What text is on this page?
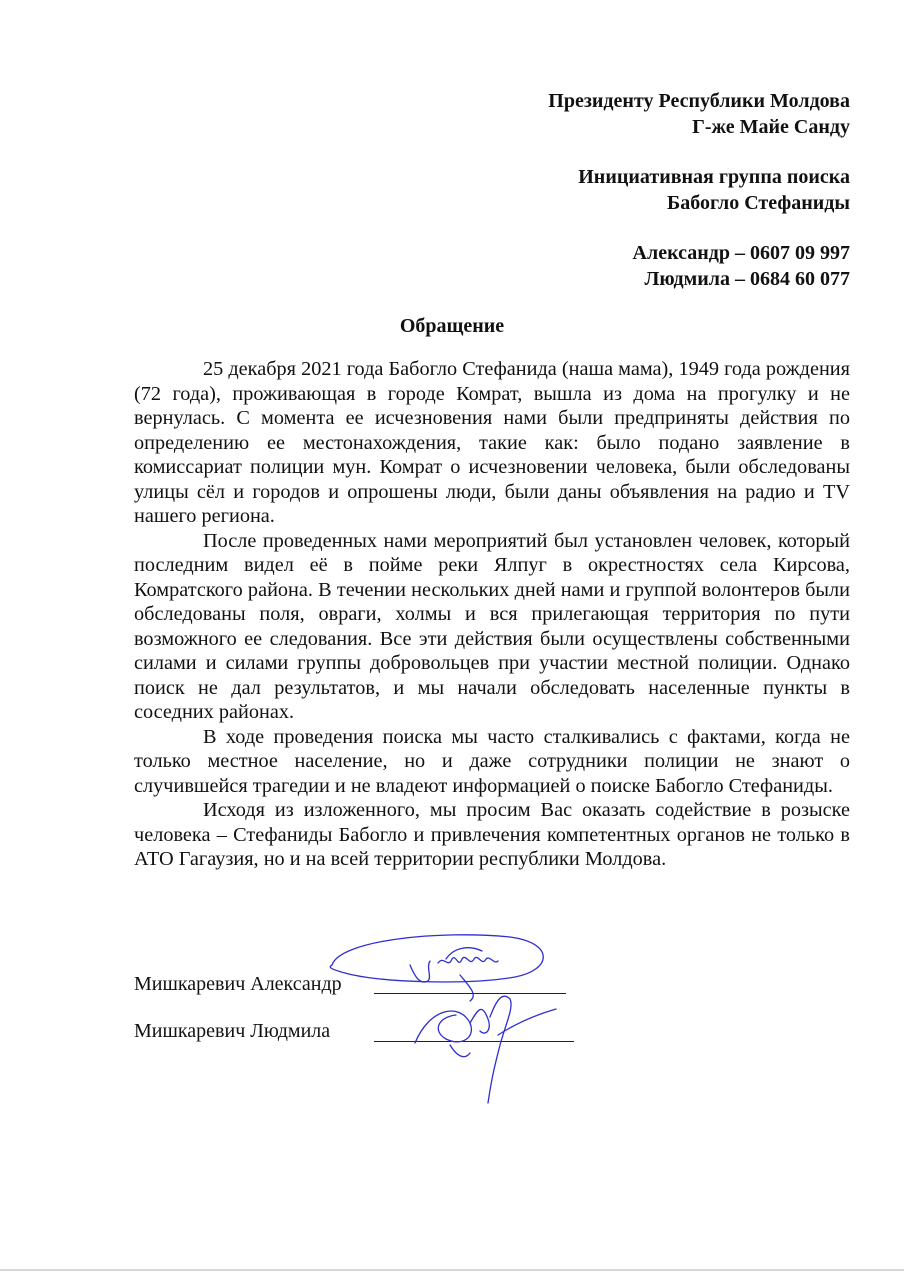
Президенту Республики Молдова
Г-же Майе Санду
Инициативная группа поиска
Бабогло Стефаниды
Александр – 0607 09 997
Людмила – 0684 60 077
Обращение

25 декабря 2021 года Бабогло Стефанида (наша мама), 1949 года рождения (72 года), проживающая в городе Комрат, вышла из дома на прогулку и не вернулась. С момента ее исчезновения нами были предприняты действия по определению ее местонахождения, такие как: было подано заявление в комиссариат полиции мун. Комрат о исчезновении человека, были обследованы улицы сёл и городов и опрошены люди, были даны объявления на радио и TV нашего региона.

После проведенных нами мероприятий был установлен человек, который последним видел её в пойме реки Ялпуг в окрестностях села Кирсова, Комратского района. В течении нескольких дней нами и группой волонтеров были обследованы поля, овраги, холмы и вся прилегающая территория по пути возможного ее следования. Все эти действия были осуществлены собственными силами и силами группы добровольцев при участии местной полиции. Однако поиск не дал результатов, и мы начали обследовать населенные пункты в соседних районах.

В ходе проведения поиска мы часто сталкивались с фактами, когда не только местное население, но и даже сотрудники полиции не знают о случившейся трагедии и не владеют информацией о поиске Бабогло Стефаниды.

Исходя из изложенного, мы просим Вас оказать содействие в розыске человека – Стефаниды Бабогло и привлечения компетентных органов не только в АТО Гагаузия, но и на всей территории республики Молдова.

Мишкаревич Александр
Мишкаревич Людмила
